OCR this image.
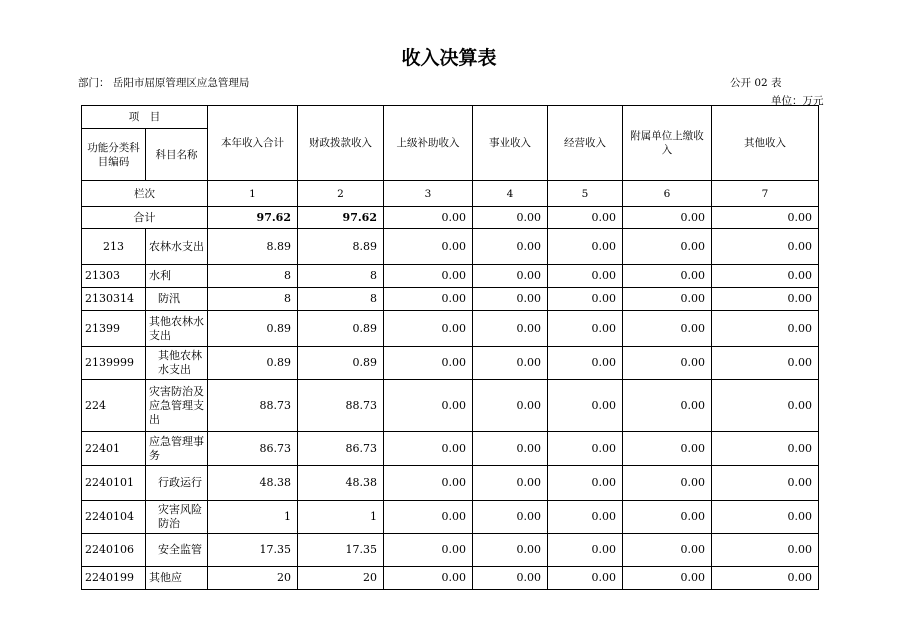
收入决算表
部门： 岳阳市屈原管理区应急管理局	公开 02 表
单位：万元
项　目		本年收入合计	财政拨款收入	上级补助收入	事业收入	经营收入	附属单位上缴收入	其他收入
功能分类科目编码	科目名称							
栏次		1	2	3	4	5	6	7
合计		97.62	97.62	0.00	0.00	0.00	0.00	0.00
213	农林水支出	8.89	8.89	0.00	0.00	0.00	0.00	0.00
21303	水利	8	8	0.00	0.00	0.00	0.00	0.00
2130314	防汛	8	8	0.00	0.00	0.00	0.00	0.00
21399	其他农林水支出	0.89	0.89	0.00	0.00	0.00	0.00	0.00
2139999	其他农林水支出	0.89	0.89	0.00	0.00	0.00	0.00	0.00
224	灾害防治及应急管理支出	88.73	88.73	0.00	0.00	0.00	0.00	0.00
22401	应急管理事务	86.73	86.73	0.00	0.00	0.00	0.00	0.00
2240101	行政运行	48.38	48.38	0.00	0.00	0.00	0.00	0.00
2240104	灾害风险防治	1	1	0.00	0.00	0.00	0.00	0.00
2240106	安全监管	17.35	17.35	0.00	0.00	0.00	0.00	0.00
2240199	其他应	20	20	0.00	0.00	0.00	0.00	0.00
